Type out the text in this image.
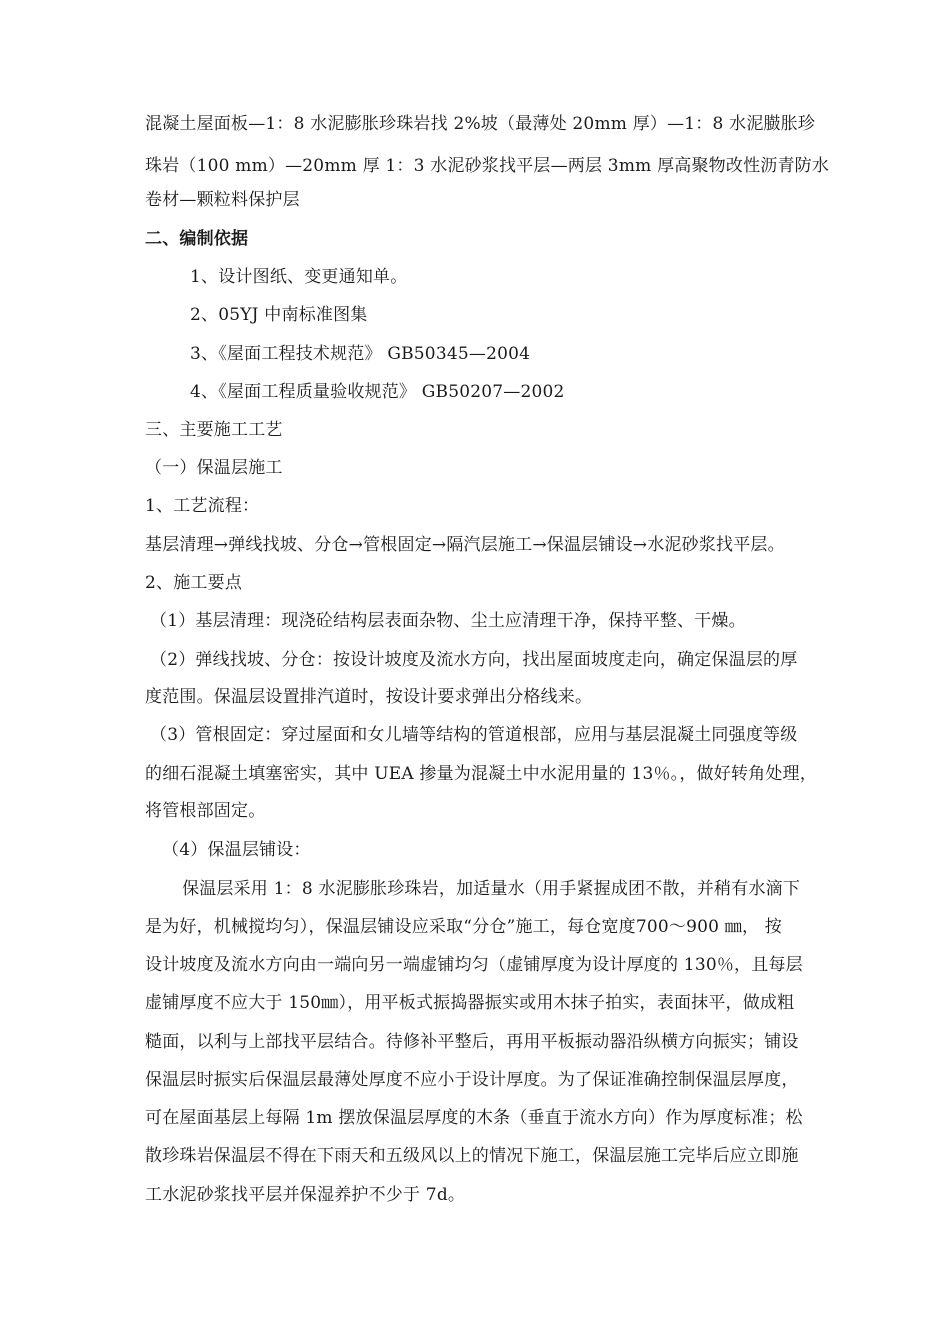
混凝土屋面板—1：8 水泥膨胀珍珠岩找 2%坡（最薄处 20mm 厚）—1：8 水泥臌胀珍
珠岩（100 mm）—20mm 厚 1：3 水泥砂浆找平层—两层 3mm 厚高聚物改性沥青防水
卷材—颗粒料保护层
二、编制依据
1、设计图纸、变更通知单。
2、05YJ 中南标准图集
3、《屋面工程技术规范》 GB50345—2004
4、《屋面工程质量验收规范》 GB50207—2002
三、主要施工工艺
（一）保温层施工
1、工艺流程：
基层清理→弹线找坡、分仓→管根固定→隔汽层施工→保温层铺设→水泥砂浆找平层。
2、施工要点
（1）基层清理：现浇砼结构层表面杂物、尘土应清理干净，保持平整、干燥。
（2）弹线找坡、分仓：按设计坡度及流水方向，找出屋面坡度走向，确定保温层的厚
度范围。保温层设置排汽道时，按设计要求弹出分格线来。
（3）管根固定：穿过屋面和女儿墙等结构的管道根部，应用与基层混凝土同强度等级
的细石混凝土填塞密实，其中 UEA 掺量为混凝土中水泥用量的 13％。，做好转角处理，
将管根部固定。
（4）保温层铺设：
保温层采用 1：8 水泥膨胀珍珠岩，加适量水（用手紧握成团不散，并稍有水滴下
是为好，机械搅均匀），保温层铺设应采取“分仓”施工，每仓宽度700～900 ㎜， 按
设计坡度及流水方向由一端向另一端虚铺均匀（虚铺厚度为设计厚度的 130％，且每层
虚铺厚度不应大于 150㎜），用平板式振捣器振实或用木抹子拍实，表面抹平，做成粗
糙面，以利与上部找平层结合。待修补平整后，再用平板振动器沿纵横方向振实；铺设
保温层时振实后保温层最薄处厚度不应小于设计厚度。为了保证准确控制保温层厚度，
可在屋面基层上每隔 1m 摆放保温层厚度的木条（垂直于流水方向）作为厚度标准；松
散珍珠岩保温层不得在下雨天和五级风以上的情况下施工，保温层施工完毕后应立即施
工水泥砂浆找平层并保湿养护不少于 7d。
